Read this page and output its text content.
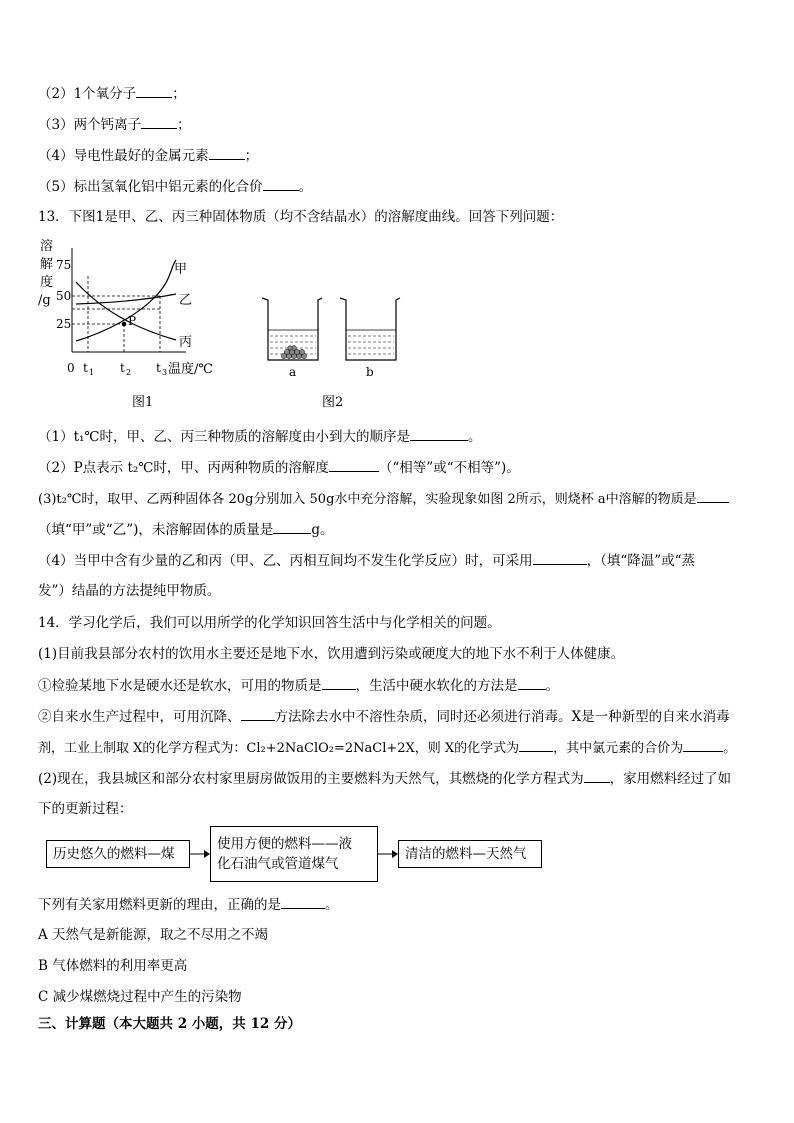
（2）1个氧分子	；
（3）两个钙离子	；
（4）导电性最好的金属元素	；
（5）标出氢氧化铝中铝元素的化合价	。
13．下图1是甲、乙、丙三种固体物质（均不含结晶水）的溶解度曲线。回答下列问题：
溶
解
度
/g
75
50
25	P
甲
乙
丙
0 t 1 t 2 t 3 温度/℃
图1
a	b
图2
（1）t₁℃时，甲、乙、丙三种物质的溶解度由小到大的顺序是	。
（2）P点表示 t₂℃时，甲、丙两种物质的溶解度	（“相等”或“不相等”)。
(3)t₂℃时，取甲、乙两种固体各 20g分别加入 50g水中充分溶解，实验现象如图 2所示，则烧杯 a中溶解的物质是
（填“甲”或“乙”)，未溶解固体的质量是	g。
（4）当甲中含有少量的乙和丙（甲、乙、丙相互间均不发生化学反应）时，可采用	，（填“降温”或“蒸
发”）结晶的方法提纯甲物质。
14．学习化学后，我们可以用所学的化学知识回答生活中与化学相关的问题。
(1)目前我县部分农村的饮用水主要还是地下水，饮用遭到污染或硬度大的地下水不利于人体健康。
①检验某地下水是硬水还是软水，可用的物质是	，生活中硬水软化的方法是 。
②自来水生产过程中，可用沉降、	方法除去水中不溶性杂质，同时还必须进行消毒。X是一种新型的自来水消毒
剂，工业上制取 X的化学方程式为：Cl₂+2NaClO₂=2NaCl+2X，则 X的化学式为	，其中氯元素的合价为	。
(2)现在，我县城区和部分农村家里厨房做饭用的主要燃料为天然气，其燃烧的化学方程式为 ，家用燃料经过了如
下的更新过程：
历史悠久的燃料—煤
使用方便的燃料——液
化石油气或管道煤气
清洁的燃料—天然气
下列有关家用燃料更新的理由，正确的是	。
A 天然气是新能源，取之不尽用之不竭
B 气体燃料的利用率更高
C 减少煤燃烧过程中产生的污染物
三、计算题（本大题共 2 小题，共 12 分）
